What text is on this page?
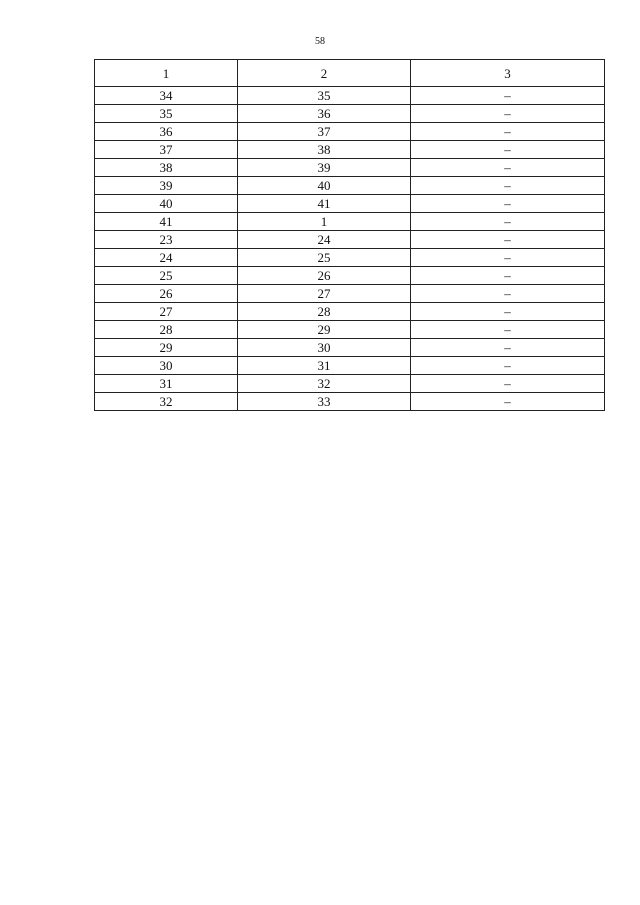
58
1	2	3
34	35	–
35	36	–
36	37	–
37	38	–
38	39	–
39	40	–
40	41	–
41	1	–
23	24	–
24	25	–
25	26	–
26	27	–
27	28	–
28	29	–
29	30	–
30	31	–
31	32	–
32	33	–
